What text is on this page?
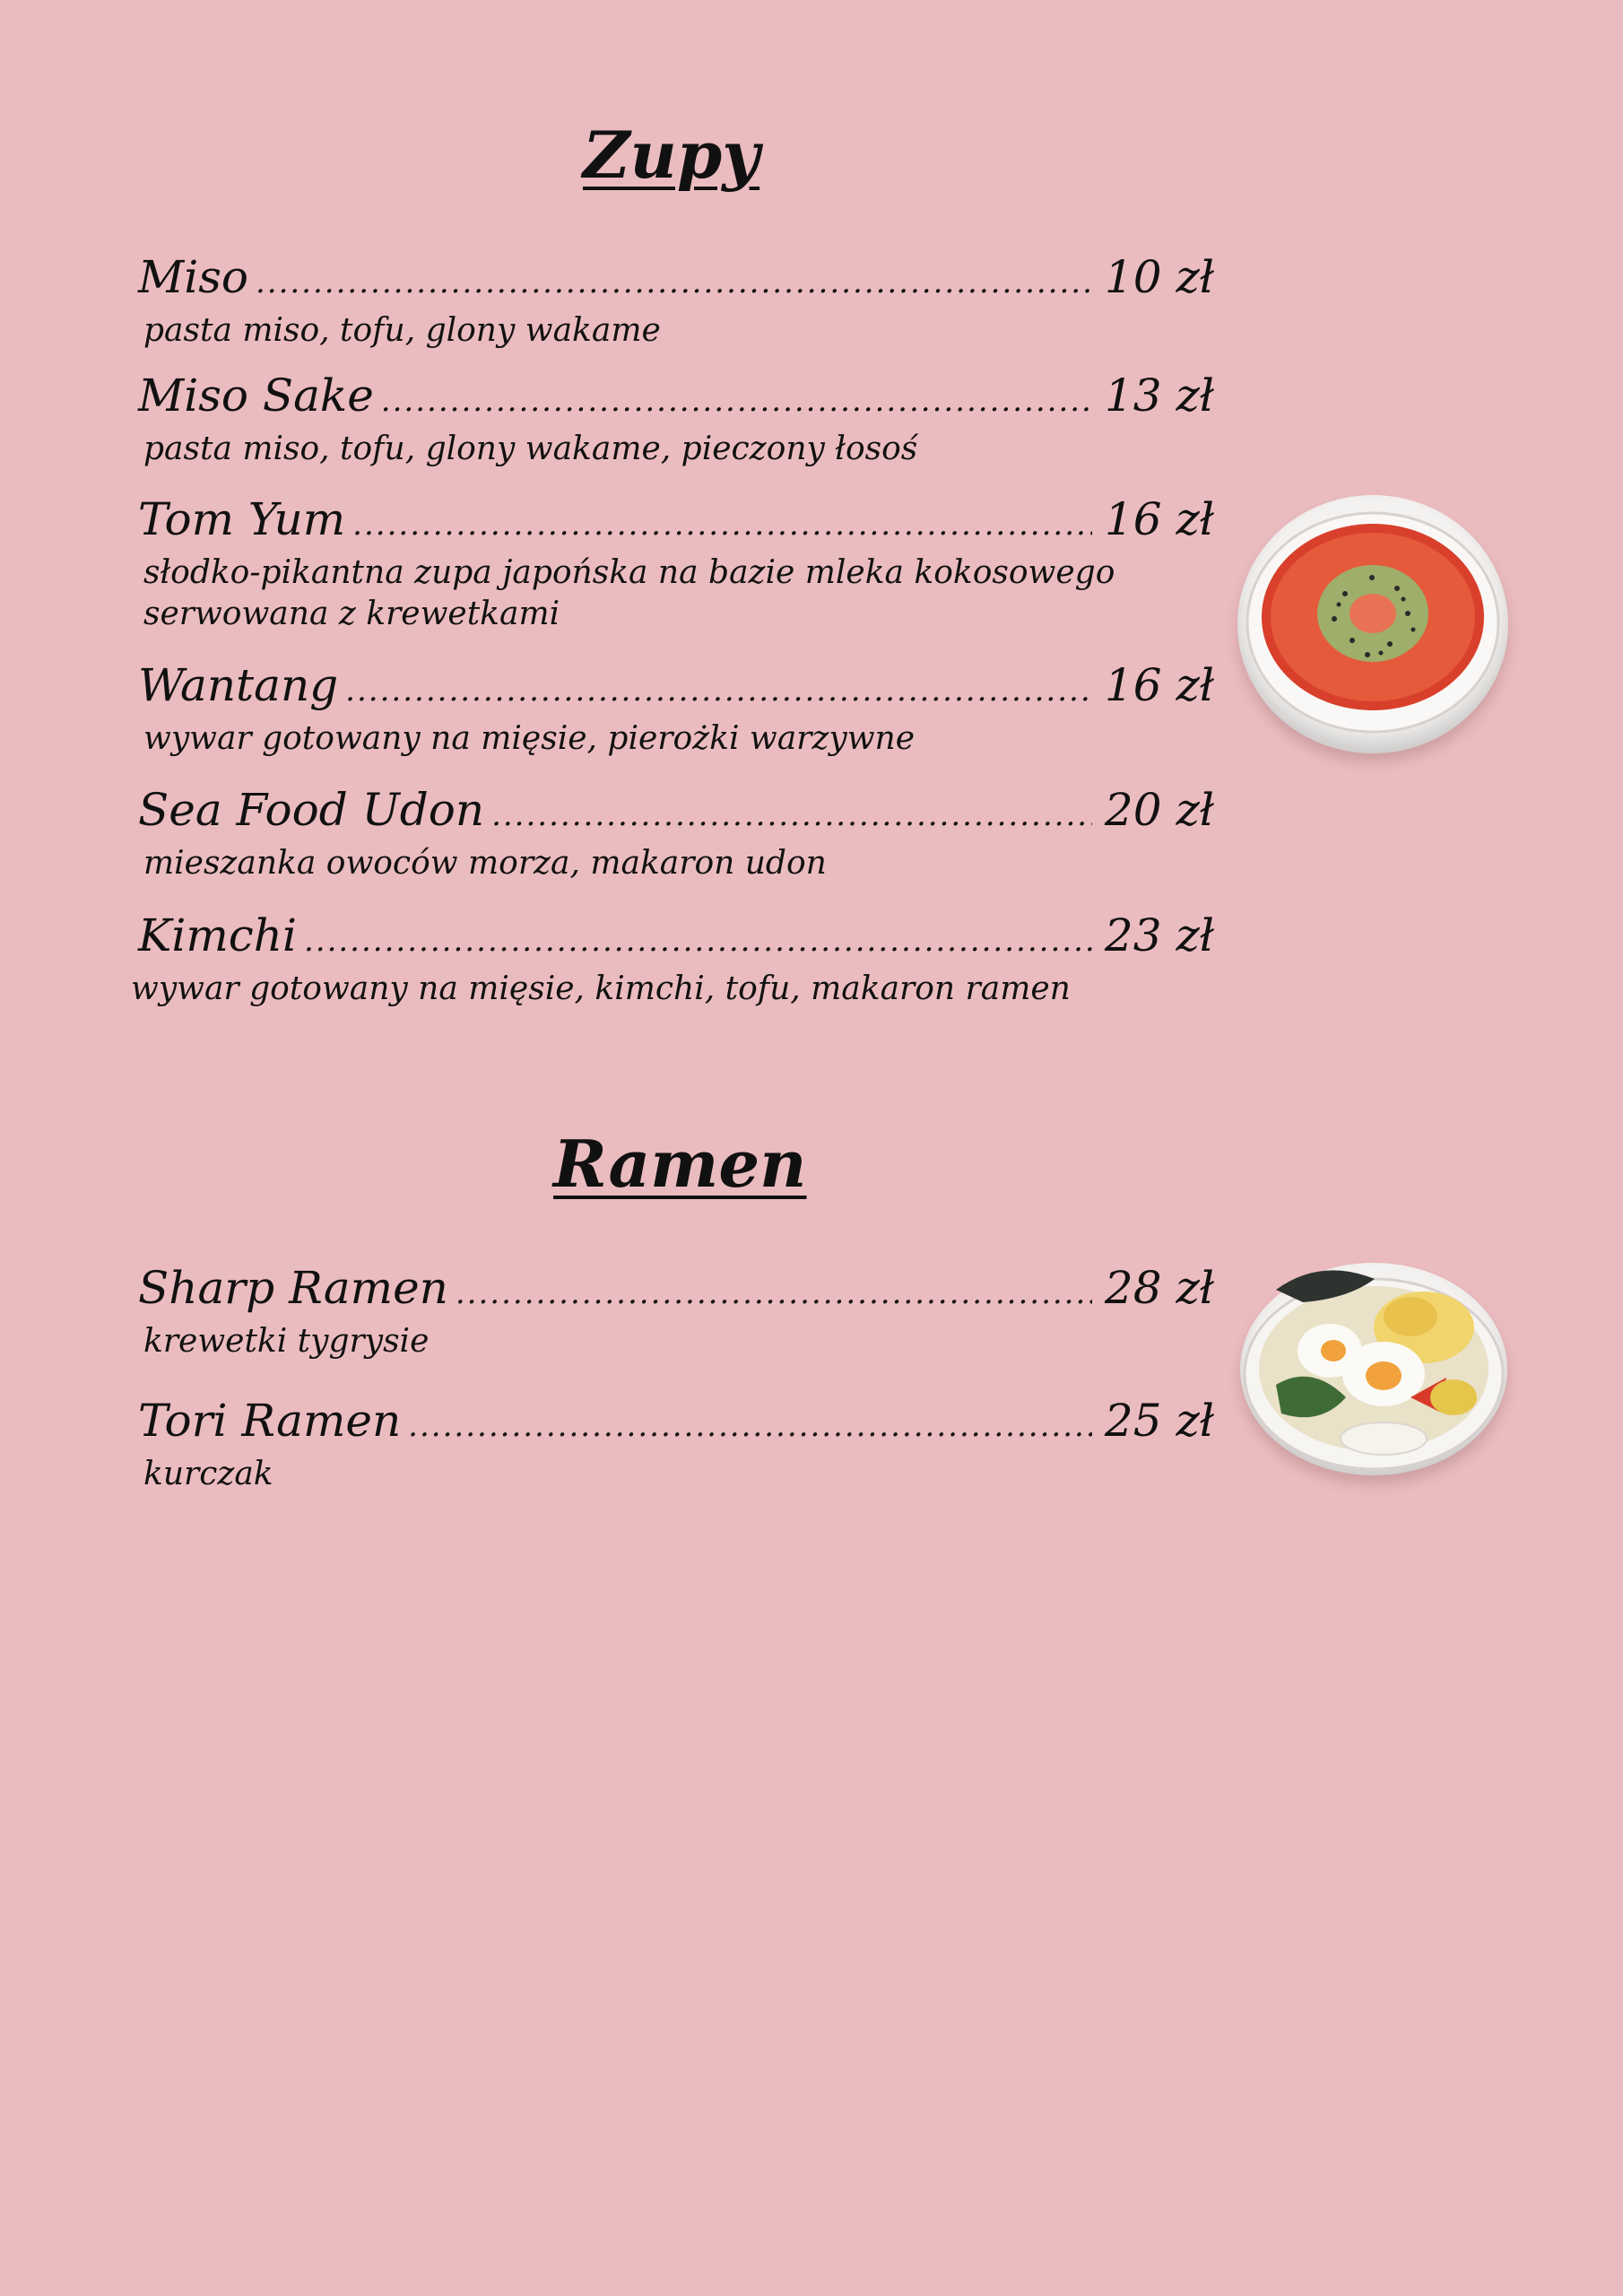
Zupy
Miso .....	10 zł
pasta miso, tofu, glony wakame
Miso Sake .....	13 zł
pasta miso, tofu, glony wakame, pieczony łosoś
Tom Yum .....	16 zł
słodko-pikantna zupa japońska na bazie mleka kokosowego
serwowana z krewetkami
Wantang .....	16 zł
wywar gotowany na mięsie, pierożki warzywne
Sea Food Udon .....	20 zł
mieszanka owoców morza, makaron udon
Kimchi .....	23 zł
wywar gotowany na mięsie, kimchi, tofu, makaron ramen
Ramen
Sharp Ramen .....	28 zł
krewetki tygrysie
Tori Ramen .....	25 zł
kurczak
